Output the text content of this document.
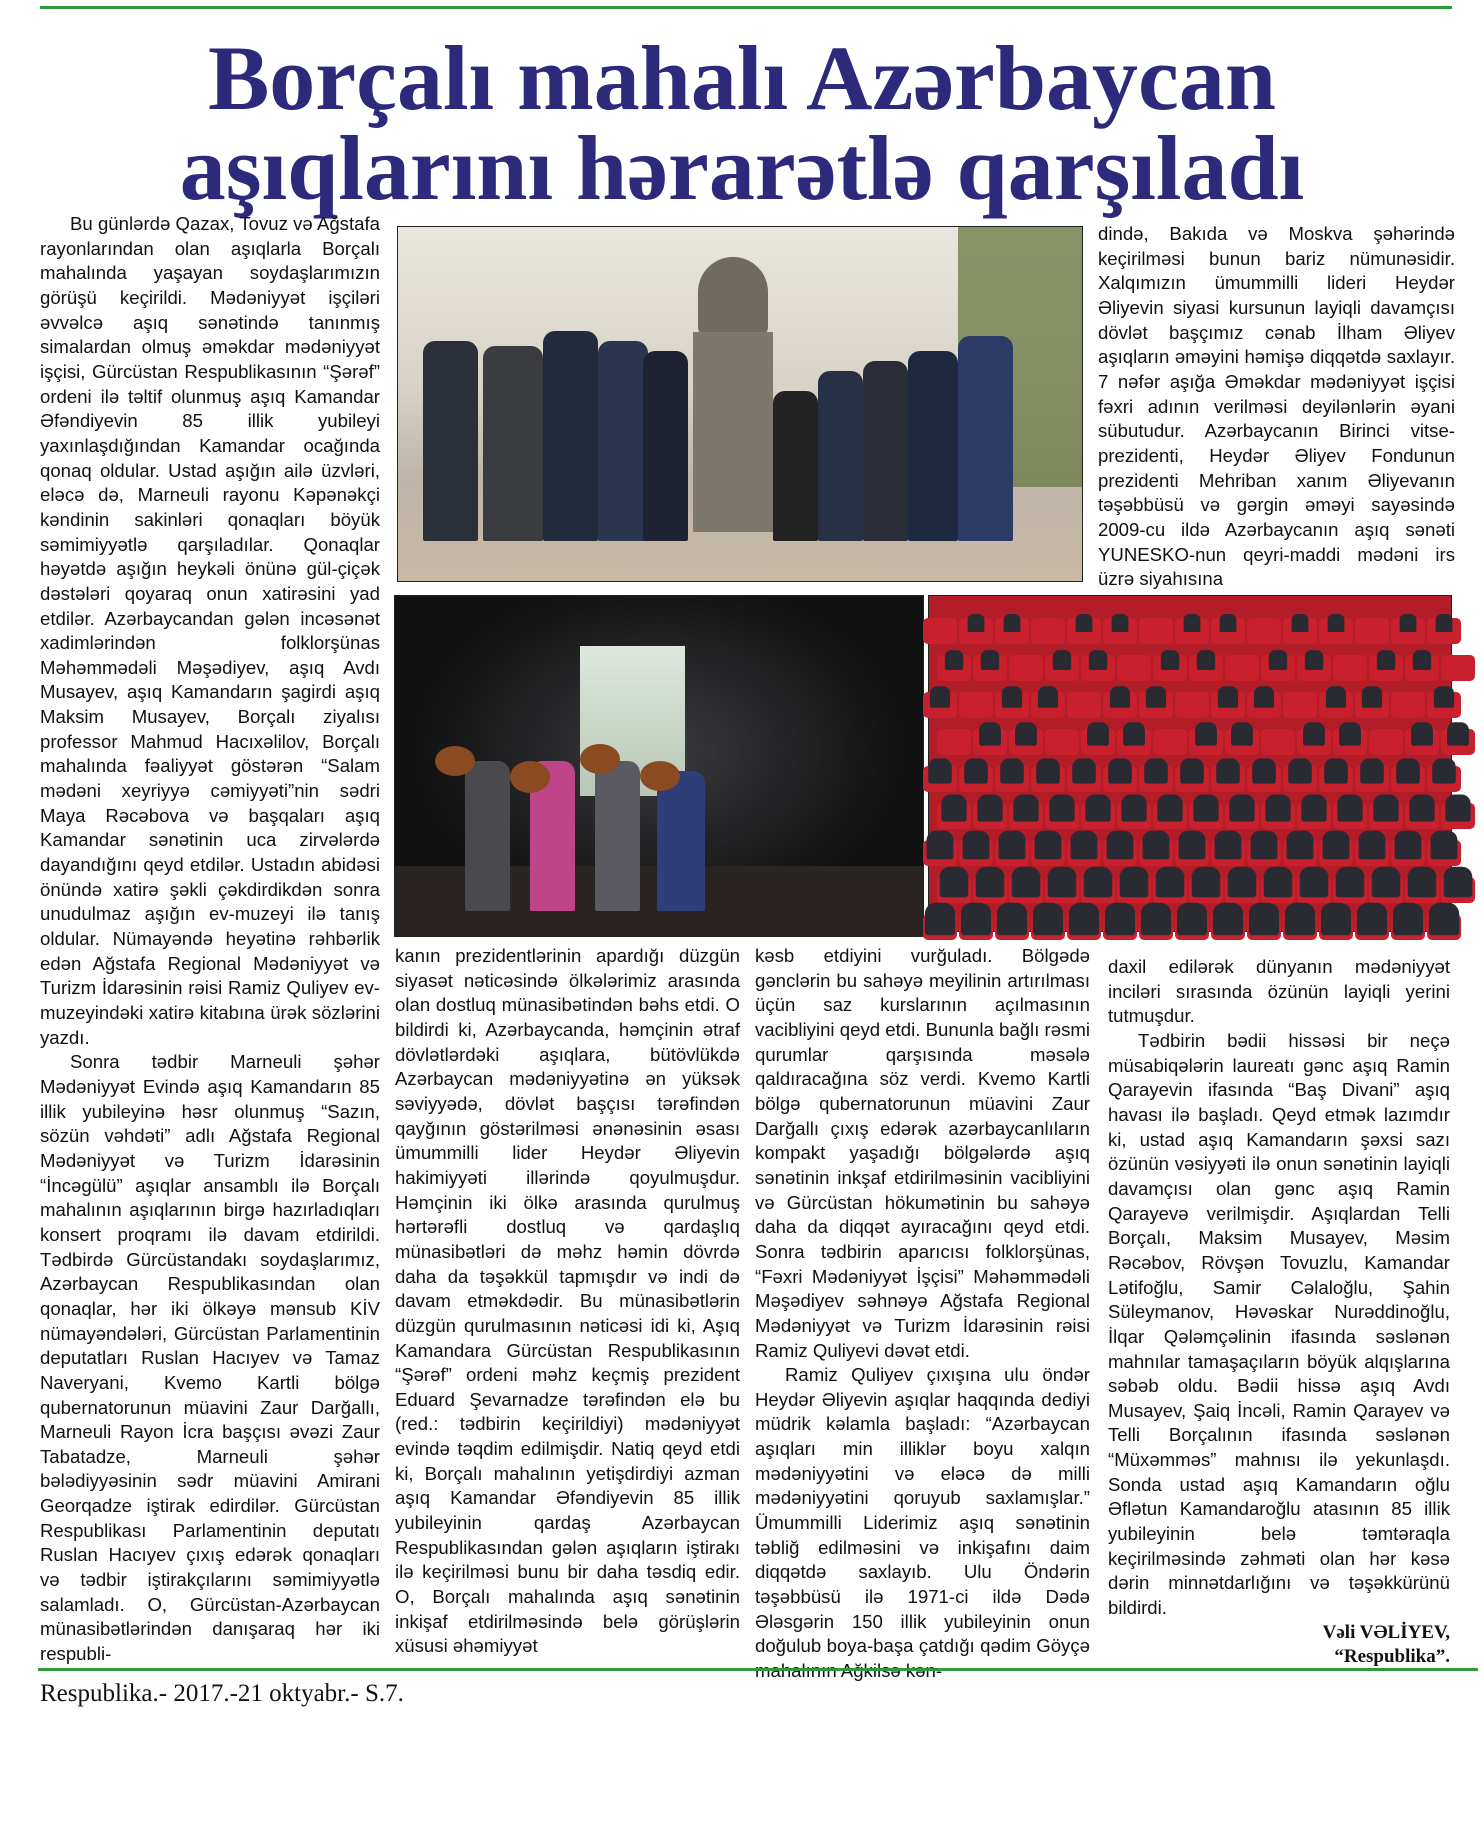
Borçalı mahalı Azərbaycan
aşıqlarını hərarətlə qarşıladı

Bu günlərdə Qazax, Tovuz və Ağstafa rayonlarından olan aşıqlarla Borçalı mahalında yaşayan soydaşlarımızın görüşü keçirildi. Mədəniyyət işçiləri əvvəlcə aşıq sənətində tanınmış simalardan olmuş əməkdar mədəniyyət işçisi, Gürcüstan Respublikasının “Şərəf” ordeni ilə təltif olunmuş aşıq Kamandar Əfəndiyevin 85 illik yubileyi yaxınlaşdığından Kamandar ocağında qonaq oldular. Ustad aşığın ailə üzvləri, eləcə də, Marneuli rayonu Kəpənəkçi kəndinin sakinləri qonaqları böyük səmimiyyətlə qarşıladılar. Qonaqlar həyətdə aşığın heykəli önünə gül-çiçək dəstələri qoyaraq onun xatirəsini yad etdilər. Azərbaycandan gələn incəsənət xadimlərindən folklorşünas Məhəmmədəli Məşədiyev, aşıq Avdı Musayev, aşıq Kamandarın şagirdi aşıq Maksim Musayev, Borçalı ziyalısı professor Mahmud Hacıxəlilov, Borçalı mahalında fəaliyyət göstərən “Salam mədəni xeyriyyə cəmiyyəti”nin sədri Maya Rəcəbova və başqaları aşıq Kamandar sənətinin uca zirvələrdə dayandığını qeyd etdilər. Ustadın abidəsi önündə xatirə şəkli çəkdirdikdən sonra unudulmaz aşığın ev-muzeyi ilə tanış oldular. Nümayəndə heyətinə rəhbərlik edən Ağstafa Regional Mədəniyyət və Turizm İdarəsinin rəisi Ramiz Quliyev ev-muzeyindəki xatirə kitabına ürək sözlərini yazdı.

Sonra tədbir Marneuli şəhər Mədəniyyət Evində aşıq Kamandarın 85 illik yubileyinə həsr olunmuş “Sazın, sözün vəhdəti” adlı Ağstafa Regional Mədəniyyət və Turizm İdarəsinin “İncəgülü” aşıqlar ansamblı ilə Borçalı mahalının aşıqlarının birgə hazırladıqları konsert proqramı ilə davam etdirildi. Tədbirdə Gürcüstandakı soydaşlarımız, Azərbaycan Respublikasından olan qonaqlar, hər iki ölkəyə mənsub KİV nümayəndələri, Gürcüstan Parlamentinin deputatları Ruslan Hacıyev və Tamaz Naveryani, Kvemo Kartli bölgə qubernatorunun müavini Zaur Darğallı, Marneuli Rayon İcra başçısı əvəzi Zaur Tabatadze, Marneuli şəhər bələdiyyəsinin sədr müavini Amirani Georqadze iştirak edirdilər. Gürcüstan Respublikası Parlamentinin deputatı Ruslan Hacıyev çıxış edərək qonaqları və tədbir iştirakçılarını səmimiyyətlə salamladı. O, Gürcüstan-Azərbaycan münasibətlərindən danışaraq hər iki respubli-

dində, Bakıda və Moskva şəhərində keçirilməsi bunun bariz nümunəsidir. Xalqımızın ümummilli lideri Heydər Əliyevin siyasi kursunun layiqli davamçısı dövlət başçımız cənab İlham Əliyev aşıqların əməyini həmişə diqqətdə saxlayır. 7 nəfər aşığa Əməkdar mədəniyyət işçisi fəxri adının verilməsi deyilənlərin əyani sübutudur. Azərbaycanın Birinci vitse-prezidenti, Heydər Əliyev Fondunun prezidenti Mehriban xanım Əliyevanın təşəbbüsü və gərgin əməyi sayəsində 2009-cu ildə Azərbaycanın aşıq sənəti YUNESKO-nun qeyri-maddi mədəni irs üzrə siyahısına

kanın prezidentlərinin apardığı düzgün siyasət nəticəsində ölkələrimiz arasında olan dostluq münasibətindən bəhs etdi. O bildirdi ki, Azərbaycanda, həmçinin ətraf dövlətlərdəki aşıqlara, bütövlükdə Azərbaycan mədəniyyətinə ən yüksək səviyyədə, dövlət başçısı tərəfindən qayğının göstərilməsi ənənəsinin əsası ümummilli lider Heydər Əliyevin hakimiyyəti illərində qoyulmuşdur. Həmçinin iki ölkə arasında qurulmuş hərtərəfli dostluq və qardaşlıq münasibətləri də məhz həmin dövrdə daha da təşəkkül tapmışdır və indi də davam etməkdədir. Bu münasibətlərin düzgün qurulmasının nəticəsi idi ki, Aşıq Kamandara Gürcüstan Respublikasının “Şərəf” ordeni məhz keçmiş prezident Eduard Şevarnadze tərəfindən elə bu (red.: tədbirin keçirildiyi) mədəniyyət evində təqdim edilmişdir. Natiq qeyd etdi ki, Borçalı mahalının yetişdirdiyi azman aşıq Kamandar Əfəndiyevin 85 illik yubileyinin qardaş Azərbaycan Respublikasından gələn aşıqların iştirakı ilə keçirilməsi bunu bir daha təsdiq edir. O, Borçalı mahalında aşıq sənətinin inkişaf etdirilməsində belə görüşlərin xüsusi əhəmiyyət

kəsb etdiyini vurğuladı. Bölgədə gənclərin bu sahəyə meyilinin artırılması üçün saz kurslarının açılmasının vacibliyini qeyd etdi. Bununla bağlı rəsmi qurumlar qarşısında məsələ qaldıracağına söz verdi. Kvemo Kartli bölgə qubernatorunun müavini Zaur Darğallı çıxış edərək azərbaycanlıların kompakt yaşadığı bölgələrdə aşıq sənətinin inkşaf etdirilməsinin vacibliyini və Gürcüstan hökumətinin bu sahəyə daha da diqqət ayıracağını qeyd etdi. Sonra tədbirin aparıcısı folklorşünas, “Fəxri Mədəniyyət İşçisi” Məhəmmədəli Məşədiyev səhnəyə Ağstafa Regional Mədəniyyət və Turizm İdarəsinin rəisi Ramiz Quliyevi dəvət etdi.

Ramiz Quliyev çıxışına ulu öndər Heydər Əliyevin aşıqlar haqqında dediyi müdrik kəlamla başladı: “Azərbaycan aşıqları min illiklər boyu xalqın mədəniyyətini və eləcə də milli mədəniyyətini qoruyub saxlamışlar.” Ümummilli Liderimiz aşıq sənətinin təbliğ edilməsini və inkişafını daim diqqətdə saxlayıb. Ulu Öndərin təşəbbüsü ilə 1971-ci ildə Dədə Ələsgərin 150 illik yubileyinin onun doğulub boya-başa çatdığı qədim Göyçə

daxil edilərək dünyanın mədəniyyət inciləri sırasında özünün layiqli yerini tutmuşdur.

Tədbirin bədii hissəsi bir neçə müsabiqələrin laureatı gənc aşıq Ramin Qarayevin ifasında “Baş Divani” aşıq havası ilə başladı. Qeyd etmək lazımdır ki, ustad aşıq Kamandarın şəxsi sazı özünün vəsiyyəti ilə onun sənətinin layiqli davamçısı olan gənc aşıq Ramin Qarayevə verilmişdir. Aşıqlardan Telli Borçalı, Maksim Musayev, Məsim Rəcəbov, Rövşən Tovuzlu, Kamandar Lətifoğlu, Samir Cəlaloğlu, Şahin Süleymanov, Həvəskar Nurəddinoğlu, İlqar Qələmçəlinin ifasında səslənən mahnılar tamaşaçıların böyük alqışlarına səbəb oldu. Bədii hissə aşıq Avdı Musayev, Şaiq İncəli, Ramin Qarayev və Telli Borçalının ifasında səslənən “Müxəmməs” mahnısı ilə yekunlaşdı. Sonda ustad aşıq Kamandarın oğlu Əflətun Kamandaroğlu atasının 85 illik yubileyinin belə təmtəraqla keçirilməsində zəhməti olan hər kəsə dərin minnətdarlığını və təşəkkürünü bildirdi.

Vəli VƏLİYEV,
“Respublika”.
Respublika.- 2017.-21 oktyabr.- S.7.
